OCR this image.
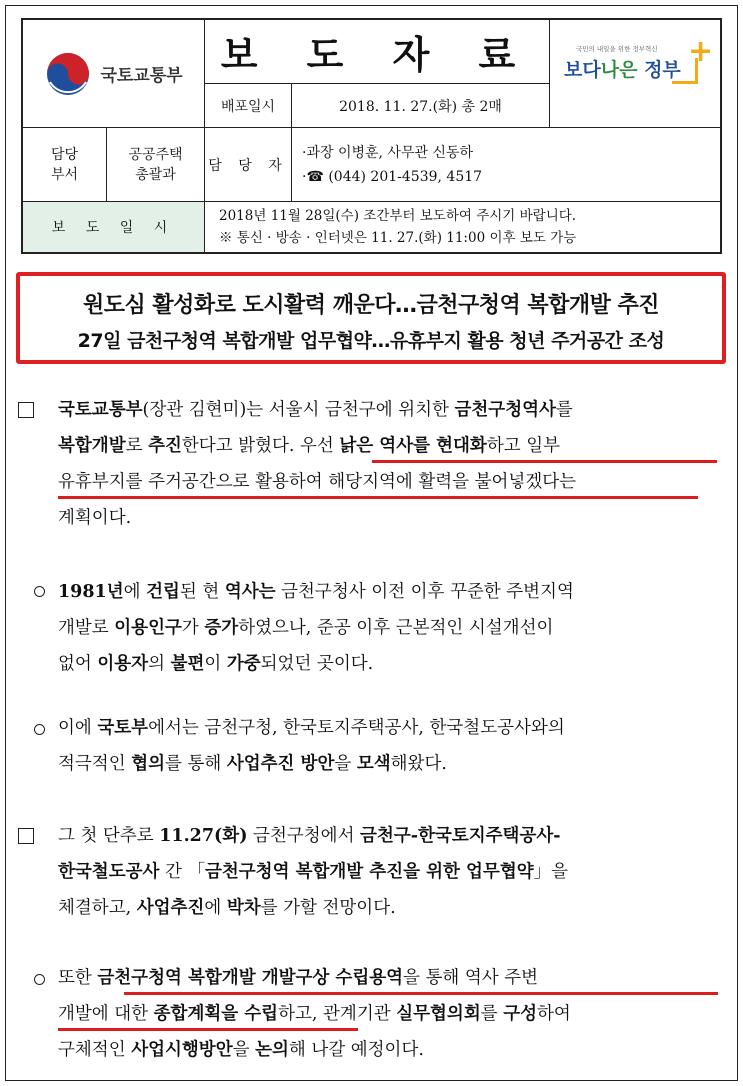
국토교통부 보 도 자 료	국민의 내일을 위한 정부혁신
보다나은 정부
+
배포일시	2018. 11. 27.(화) 총 2매
담당
부서
공공주택
총괄과
담 당 자
·과장 이병훈, 사무관 신동하
·☎ (044) 201-4539, 4517
보 도 일 시
2018년 11월 28일(수) 조간부터 보도하여 주시기 바랍니다.
※ 통신 · 방송 · 인터넷은 11. 27.(화) 11:00 이후 보도 가능
원도심 활성화로 도시활력 깨운다…금천구청역 복합개발 추진
27일 금천구청역 복합개발 업무협약…유휴부지 활용 청년 주거공간 조성
국토교통부(장관 김현미)는 서울시 금천구에 위치한 금천구청역사를
복합개발로 추진한다고 밝혔다. 우선 낡은 역사를 현대화하고 일부
유휴부지를 주거공간으로 활용하여 해당지역에 활력을 불어넣겠다는
계획이다.
1981년에 건립된 현 역사는 금천구청사 이전 이후 꾸준한 주변지역
개발로 이용인구가 증가하였으나, 준공 이후 근본적인 시설개선이
없어 이용자의 불편이 가중되었던 곳이다.
이에 국토부에서는 금천구청, 한국토지주택공사, 한국철도공사와의
적극적인 협의를 통해 사업추진 방안을 모색해왔다.
그 첫 단추로 11.27(화) 금천구청에서 금천구-한국토지주택공사-
한국철도공사 간 「금천구청역 복합개발 추진을 위한 업무협약」을
체결하고, 사업추진에 박차를 가할 전망이다.
또한 금천구청역 복합개발 개발구상 수립용역을 통해 역사 주변
개발에 대한 종합계획을 수립하고, 관계기관 실무협의회를 구성하여
구체적인 사업시행방안을 논의해 나갈 예정이다.
